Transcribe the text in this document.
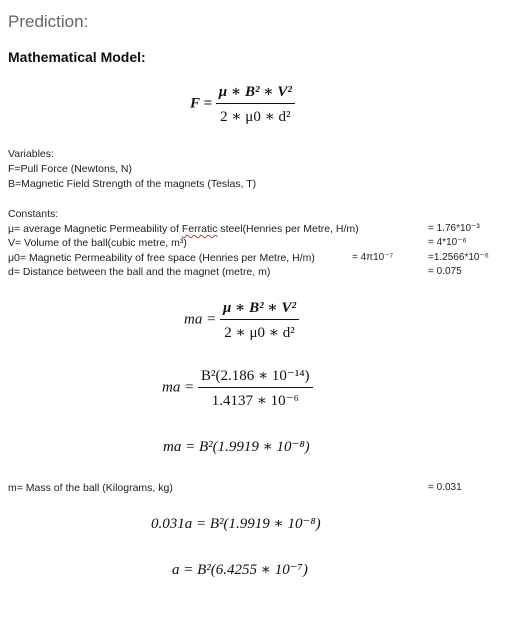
Prediction:
Mathematical Model:
$F = \frac{\text{μ ∗ B² ∗ V²}}{\text{2 ∗ μ0 ∗ d²}}$
Variables:
F=Pull Force (Newtons, N)
B=Magnetic Field Strength of the magnets (Teslas, T)
Constants:
μ= average Magnetic Permeability of Ferratic steel(Henries per Metre, H/m)	= 1.76*10⁻³
V= Volume of the ball(cubic metre, m³)	= 4*10⁻⁶
μ0= Magnetic Permeability of free space (Henries per Metre, H/m)	= 4π10⁻⁷	=1.2566*10⁻⁶
d= Distance between the ball and the magnet (metre, m)	= 0.075
ma = $\frac{\text{μ ∗ B² ∗ V²}}{\text{2 ∗ μ0 ∗ d²}}$
ma = $\frac{\text{B²(2.186 ∗ 10⁻¹⁴)}}{\text{1.4137 ∗ 10⁻⁶}}$
ma = B²(1.9919 ∗ 10⁻⁸)
m= Mass of the ball (Kilograms, kg)	= 0.031
0.031a = B²(1.9919 ∗ 10⁻⁸)
a = B²(6.4255 ∗ 10⁻⁷)
